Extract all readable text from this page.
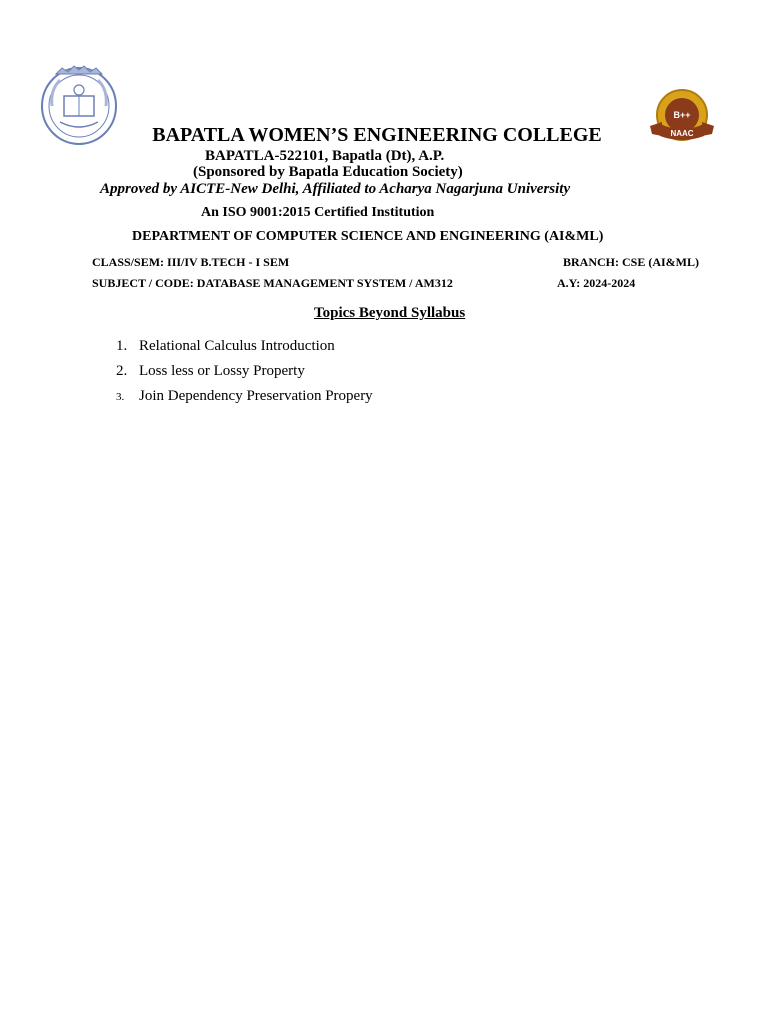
B++
NAAC
BAPATLA WOMEN’S ENGINEERING COLLEGE
BAPATLA-522101, Bapatla (Dt), A.P.
(Sponsored by Bapatla Education Society)
Approved by AICTE-New Delhi, Affiliated to Acharya Nagarjuna University
An ISO 9001:2015 Certified Institution
DEPARTMENT OF COMPUTER SCIENCE AND ENGINEERING (AI&ML)
CLASS/SEM: III/IV B.TECH - I SEM	BRANCH: CSE (AI&ML)
SUBJECT / CODE: DATABASE MANAGEMENT SYSTEM / AM312	A.Y: 2024-2024
Topics Beyond Syllabus
1. Relational Calculus Introduction
2. Loss less or Lossy Property
3. Join Dependency Preservation Propery
